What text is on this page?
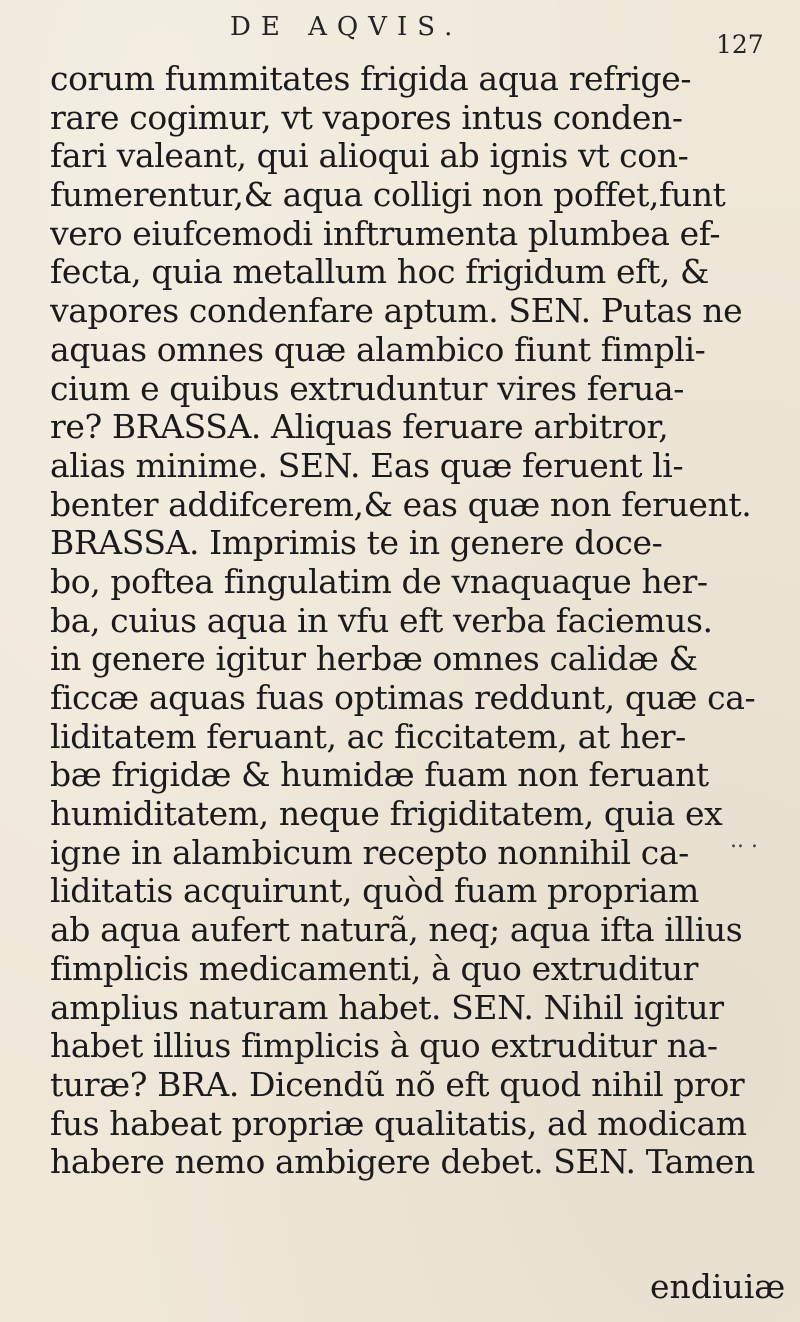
DE AQVIS.
127
corum fummitates frigida aqua refrige-
rare cogimur, vt vapores intus conden-
fari valeant, qui alioqui ab ignis vt con-
fumerentur,& aqua colligi non poffet,funt
vero eiufcemodi inftrumenta plumbea ef-
fecta, quia metallum hoc frigidum eft, &
vapores condenfare aptum. SEN. Putas ne
aquas omnes quæ alambico fiunt fimpli-
cium e quibus extruduntur vires ferua-
re? BRASSA. Aliquas feruare arbitror,
alias minime. SEN. Eas quæ feruent li-
benter addifcerem,& eas quæ non feruent.
BRASSA. Imprimis te in genere doce-
bo, poftea fingulatim de vnaquaque her-
ba, cuius aqua in vfu eft verba faciemus.
in genere igitur herbæ omnes calidæ &
ficcæ aquas fuas optimas reddunt, quæ ca-
liditatem feruant, ac ficcitatem, at her-
bæ frigidæ & humidæ fuam non feruant
humiditatem, neque frigiditatem, quia ex
igne in alambicum recepto nonnihil ca-
liditatis acquirunt, quòd fuam propriam
ab aqua aufert naturã, neq; aqua ifta illius
fimplicis medicamenti, à quo extruditur
amplius naturam habet. SEN. Nihil igitur
habet illius fimplicis à quo extruditur na-
turæ? BRA. Dicendũ nõ eft quod nihil pror
fus habeat propriæ qualitatis, ad modicam
habere nemo ambigere debet. SEN. Tamen
.. .
endiuiæ
